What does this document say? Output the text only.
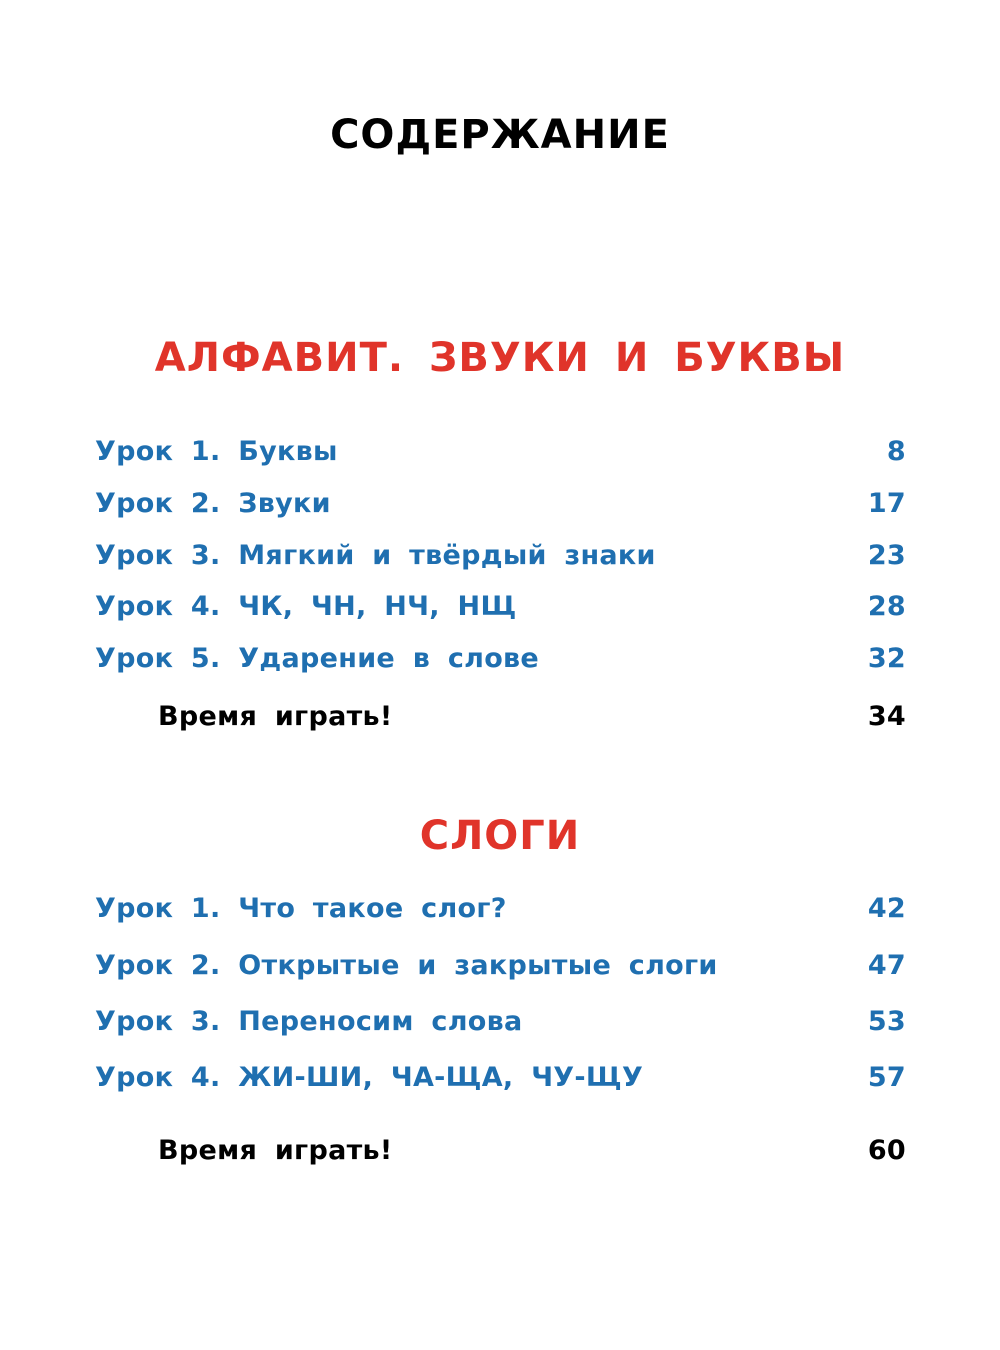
СОДЕРЖАНИЕ
АЛФАВИТ. ЗВУКИ И БУКВЫ
Урок 1. Буквы	8
Урок 2. Звуки	17
Урок 3. Мягкий и твёрдый знаки	23
Урок 4. ЧК, ЧН, НЧ, НЩ	28
Урок 5. Ударение в слове	32
Время играть!	34
СЛОГИ
Урок 1. Что такое слог?	42
Урок 2. Открытые и закрытые слоги	47
Урок 3. Переносим слова	53
Урок 4. ЖИ-ШИ, ЧА-ЩА, ЧУ-ЩУ	57
Время играть!	60
